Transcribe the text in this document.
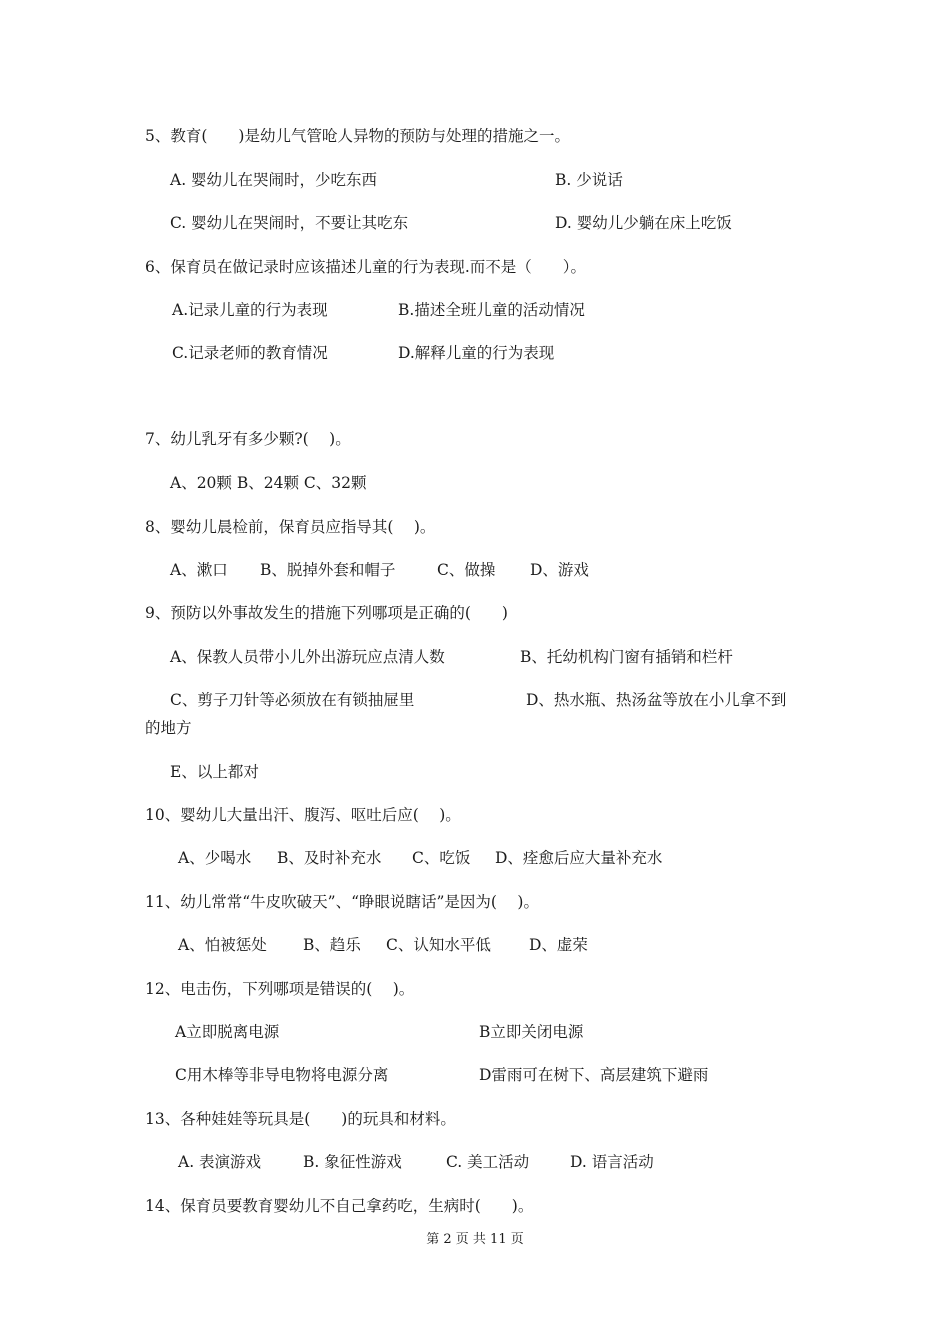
5、教育(　　)是幼儿气管呛人异物的预防与处理的措施之一。
A. 婴幼儿在哭闹时，少吃东西	B. 少说话
C. 婴幼儿在哭闹时，不要让其吃东	D. 婴幼儿少躺在床上吃饭
6、保育员在做记录时应该描述儿童的行为表现.而不是（　　）。
A.记录儿童的行为表现	B.描述全班儿童的活动情况
C.记录老师的教育情况	D.解释儿童的行为表现
7、幼儿乳牙有多少颗?(　 )。
A、20颗 B、24颗 C、32颗
8、婴幼儿晨检前，保育员应指导其(　 )。
A、漱口 B、脱掉外套和帽子	C、做操 D、游戏
9、预防以外事故发生的措施下列哪项是正确的(　　)
A、保教人员带小儿外出游玩应点清人数	B、托幼机构门窗有插销和栏杆
C、剪子刀针等必须放在有锁抽屉里	D、热水瓶、热汤盆等放在小儿拿不到
的地方
E、以上都对
10、婴幼儿大量出汗、腹泻、呕吐后应(　 )。
A、少喝水 B、及时补充水 C、吃饭 D、痊愈后应大量补充水
11、幼儿常常“牛皮吹破天”、“睁眼说瞎话”是因为(　 )。
A、怕被惩处 B、趋乐 C、认知水平低 D、虚荣
12、电击伤，下列哪项是错误的(　 )。
A立即脱离电源	B立即关闭电源
C用木棒等非导电物将电源分离	D雷雨可在树下、高层建筑下避雨
13、各种娃娃等玩具是(　　)的玩具和材料。
A. 表演游戏	B. 象征性游戏	C. 美工活动	D. 语言活动
14、保育员要教育婴幼儿不自己拿药吃，生病时(　　)。
第 2 页 共 11 页
